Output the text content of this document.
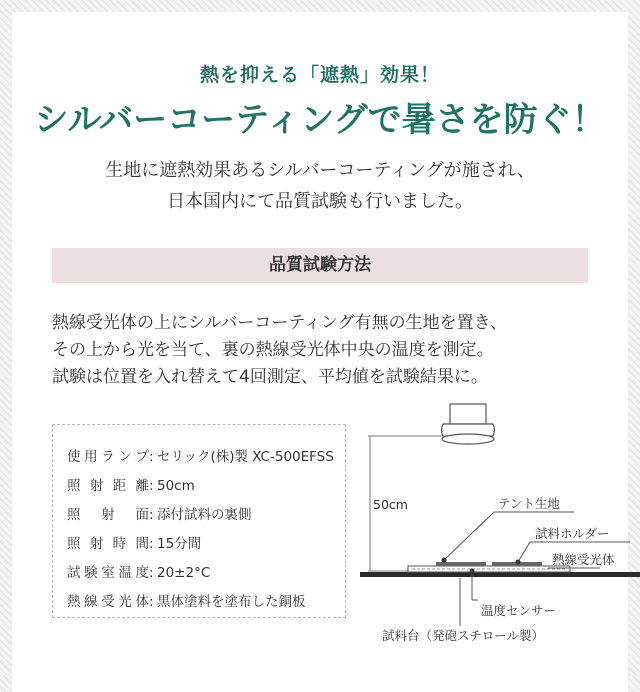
熱を抑える「遮熱」効果！
シルバーコーティングで暑さを防ぐ！
生地に遮熱効果あるシルバーコーティングが施され、
日本国内にて品質試験も行いました。
品質試験方法
熱線受光体の上にシルバーコーティング有無の生地を置き、
その上から光を当て、裏の熱線受光体中央の温度を測定。
試験は位置を入れ替えて4回測定、平均値を試験結果に。
使用ランプ: セリック(株)製 XC-500EFSS
照射距離: 50cm
照射面: 添付試料の裏側
照射時間: 15分間
試験室温度: 20±2°C
熱線受光体: 黒体塗料を塗布した銅板
50cm	テント生地
試料ホルダー
熱線受光体
温度センサー
試料台（発砲スチロール製）
